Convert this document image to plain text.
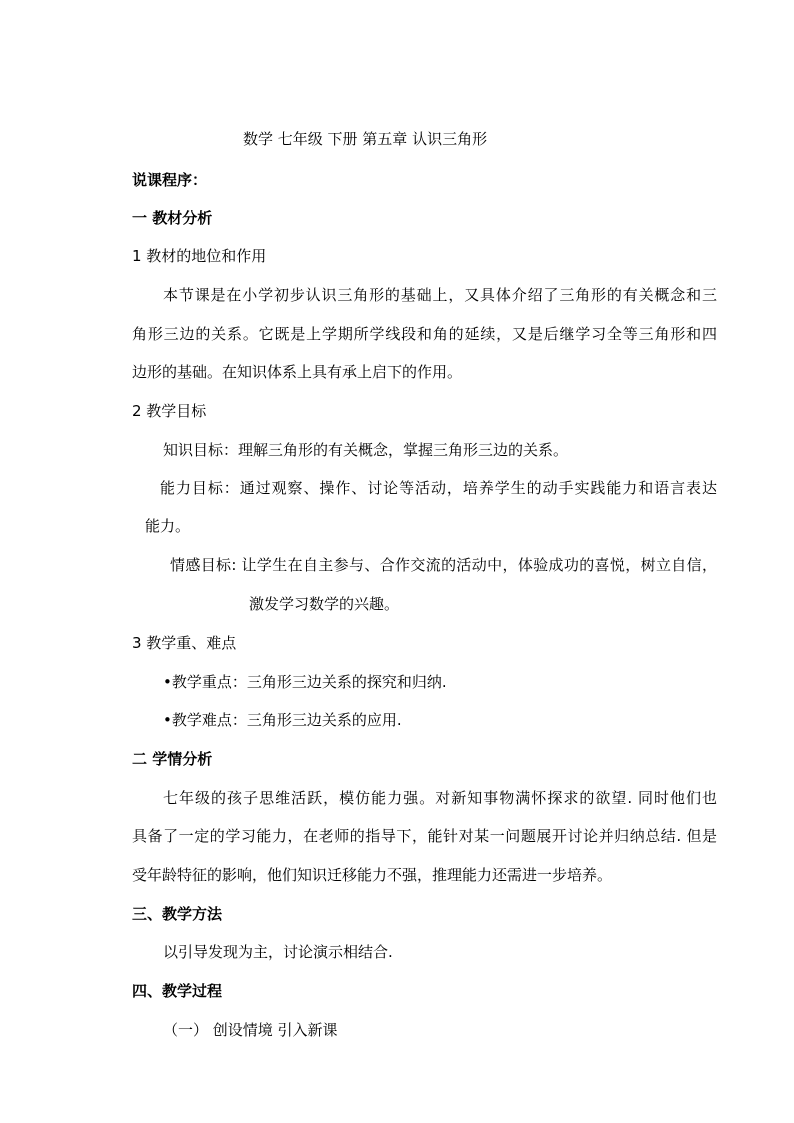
数学 七年级 下册 第五章 认识三角形

说课程序：

一 教材分析

1 教材的地位和作用

本节课是在小学初步认识三角形的基础上，又具体介绍了三角形的有关概念和三

角形三边的关系。它既是上学期所学线段和角的延续，又是后继学习全等三角形和四

边形的基础。在知识体系上具有承上启下的作用。

2 教学目标

知识目标：理解三角形的有关概念，掌握三角形三边的关系。

能力目标：通过观察、操作、讨论等活动，培养学生的动手实践能力和语言表达

能力。

情感目标: 让学生在自主参与、合作交流的活动中，体验成功的喜悦，树立自信，

激发学习数学的兴趣。

3 教学重、难点

•教学重点：三角形三边关系的探究和归纳.

•教学难点：三角形三边关系的应用.

二 学情分析

七年级的孩子思维活跃，模仿能力强。对新知事物满怀探求的欲望. 同时他们也

具备了一定的学习能力，在老师的指导下，能针对某一问题展开讨论并归纳总结. 但是

受年龄特征的影响，他们知识迁移能力不强，推理能力还需进一步培养。

三、教学方法

以引导发现为主，讨论演示相结合.

四、教学过程

（一） 创设情境 引入新课
